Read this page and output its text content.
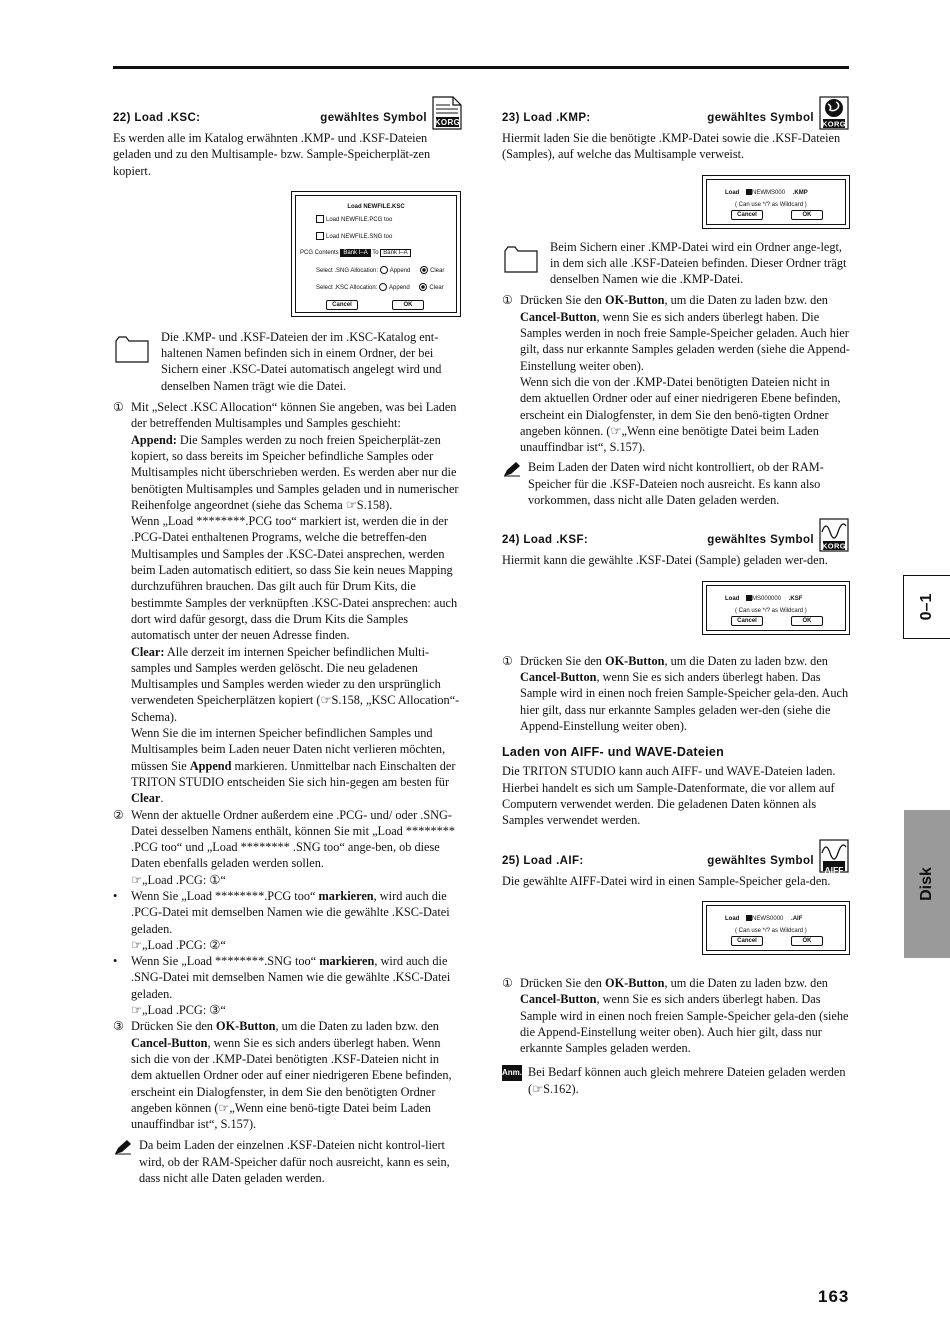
22) Load .KSC:	gewähltes Symbol KORG

Es werden alle im Katalog erwähnten .KMP- und .KSF-Dateien geladen und zu den Multisample- bzw. Sample-Speicherplät-zen kopiert.

Load NEWFILE.KSC
Load NEWFILE.PCG too
Load NEWFILE.SNG too
PCG Contents Bank I–A To Bank I–A
Select .SNG Allocation: Append	Clear
Select .KSC Allocation: Append	Clear
Cancel	OK

Die .KMP- und .KSF-Dateien der im .KSC-Katalog ent-haltenen Namen befinden sich in einem Ordner, der bei Sichern einer .KSC-Datei automatisch angelegt wird und denselben Namen trägt wie die Datei.

① Mit „Select .KSC Allocation“ können Sie angeben, was bei Laden der betreffenden Multisamples und Samples geschieht:

Append: Die Samples werden zu noch freien Speicherplät-zen kopiert, so dass bereits im Speicher befindliche Samples oder Multisamples nicht überschrieben werden. Es werden aber nur die benötigten Multisamples und Samples geladen und in numerischer Reihenfolge angeordnet (siehe das Schema ☞S.158).

Wenn „Load ********.PCG too“ markiert ist, werden die in der .PCG-Datei enthaltenen Programs, welche die betreffen-den Multisamples und Samples der .KSC-Datei ansprechen, werden beim Laden automatisch editiert, so dass Sie kein neues Mapping durchzuführen brauchen. Das gilt auch für Drum Kits, die bestimmte Samples der verknüpften .KSC-Datei ansprechen: auch dort wird dafür gesorgt, dass die Drum Kits die Samples automatisch unter der neuen Adresse finden.

Clear: Alle derzeit im internen Speicher befindlichen Multi-samples und Samples werden gelöscht. Die neu geladenen Multisamples und Samples werden wieder zu den ursprünglich verwendeten Speicherplätzen kopiert (☞S.158, „KSC Allocation“-Schema).

Wenn Sie die im internen Speicher befindlichen Samples und Multisamples beim Laden neuer Daten nicht verlieren möchten, müssen Sie Append markieren. Unmittelbar nach Einschalten der TRITON STUDIO entscheiden Sie sich hin-gegen am besten für Clear.

② Wenn der aktuelle Ordner außerdem eine .PCG- und/ oder .SNG-Datei desselben Namens enthält, können Sie mit „Load ******** .PCG too“ und „Load ******** .SNG too“ ange-ben, ob diese Daten ebenfalls geladen werden sollen.

☞„Load .PCG: ①“

• Wenn Sie „Load ********.PCG too“ markieren, wird auch die .PCG-Datei mit demselben Namen wie die gewählte .KSC-Datei geladen.

☞„Load .PCG: ②“

• Wenn Sie „Load ********.SNG too“ markieren, wird auch die .SNG-Datei mit demselben Namen wie die gewählte .KSC-Datei geladen.

☞„Load .PCG: ③“

③ Drücken Sie den OK-Button, um die Daten zu laden bzw. den Cancel-Button, wenn Sie es sich anders überlegt haben. Wenn sich die von der .KMP-Datei benötigten .KSF-Dateien nicht in dem aktuellen Ordner oder auf einer niedrigeren Ebene befinden, erscheint ein Dialogfenster, in dem Sie den benötigten Ordner angeben können (☞„Wenn eine benö-tigte Datei beim Laden unauffindbar ist“, S.157).

Da beim Laden der einzelnen .KSF-Dateien nicht kontrol-liert wird, ob der RAM-Speicher dafür noch ausreicht, kann es sein, dass nicht alle Daten geladen werden.

23) Load .KMP:	gewähltes Symbol KORG

Hiermit laden Sie die benötigte .KMP-Datei sowie die .KSF-Dateien (Samples), auf welche das Multisample verweist.

Load NEWMS000 .KMP
( Can use */? as Wildcard )
Cancel	OK

Beim Sichern einer .KMP-Datei wird ein Ordner ange-legt, in dem sich alle .KSF-Dateien befinden. Dieser Ordner trägt denselben Namen wie die .KMP-Datei.

① Drücken Sie den OK-Button, um die Daten zu laden bzw. den Cancel-Button, wenn Sie es sich anders überlegt haben. Die Samples werden in noch freie Sample-Speicher geladen. Auch hier gilt, dass nur erkannte Samples geladen werden (siehe die Append-Einstellung weiter oben).

Wenn sich die von der .KMP-Datei benötigten Dateien nicht in dem aktuellen Ordner oder auf einer niedrigeren Ebene befinden, erscheint ein Dialogfenster, in dem Sie den benö-tigten Ordner angeben können. (☞„Wenn eine benötigte Datei beim Laden unauffindbar ist“, S.157).

Beim Laden der Daten wird nicht kontrolliert, ob der RAM-Speicher für die .KSF-Dateien noch ausreicht. Es kann also vorkommen, dass nicht alle Daten geladen werden.

24) Load .KSF:	gewähltes Symbol KORG

Hiermit kann die gewählte .KSF-Datei (Sample) geladen wer-den.

Load MS000000 .KSF
( Can use */? as Wildcard )
Cancel	OK
① Drücken Sie den OK-Button, um die Daten zu laden bzw. den Cancel-Button, wenn Sie es sich anders überlegt haben. Das Sample wird in einen noch freien Sample-Speicher gela-den. Auch hier gilt, dass nur erkannte Samples geladen wer-den (siehe die Append-Einstellung weiter oben).

Laden von AIFF- und WAVE-Dateien

Die TRITON STUDIO kann auch AIFF- und WAVE-Dateien laden. Hierbei handelt es sich um Sample-Datenformate, die vor allem auf Computern verwendet werden. Die geladenen Daten können als Samples verwendet werden.

25) Load .AIF:	gewähltes Symbol
AIFF

Die gewählte AIFF-Datei wird in einen Sample-Speicher gela-den.

Load NEWS0000 .AIF
( Can use */? as Wildcard )
Cancel	OK
① Drücken Sie den OK-Button, um die Daten zu laden bzw. den Cancel-Button, wenn Sie es sich anders überlegt haben. Das Sample wird in einen noch freien Sample-Speicher gela-den (siehe die Append-Einstellung weiter oben). Auch hier gilt, dass nur erkannte Samples geladen werden.

Anm. Bei Bedarf können auch gleich mehrere Dateien geladen werden (☞S.162).

0–1
Disk
163
